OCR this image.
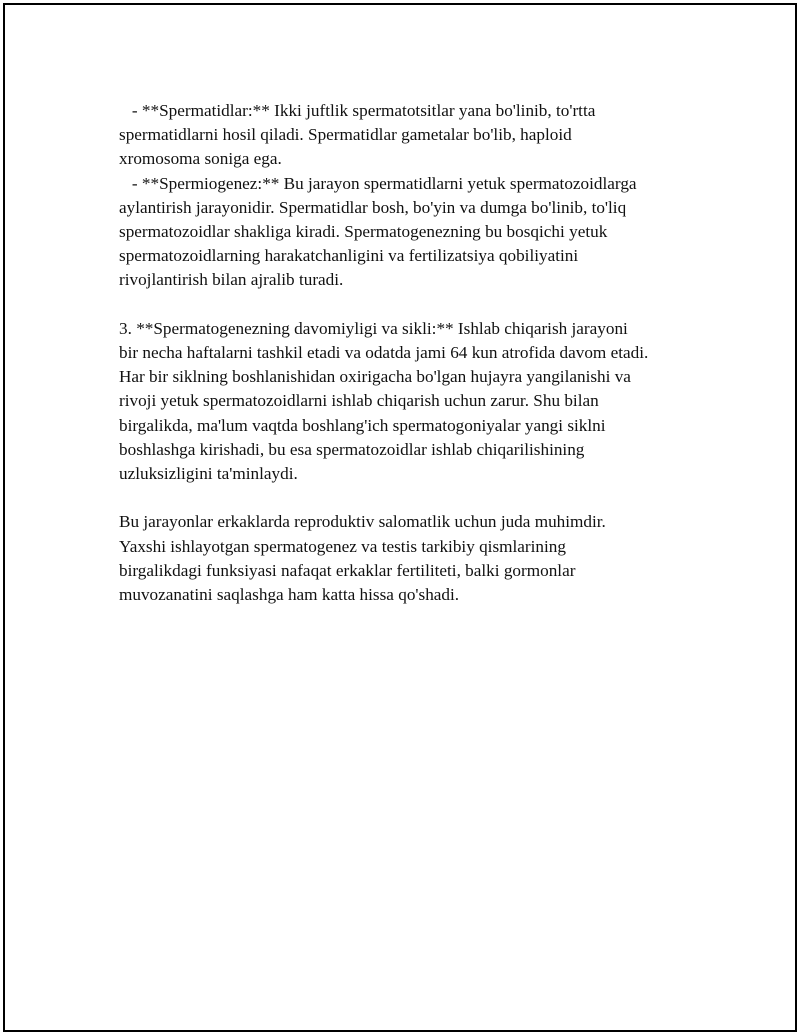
- **Spermatidlar:** Ikki juftlik spermatotsitlar yana bo'linib, to'rtta
spermatidlarni hosil qiladi. Spermatidlar gametalar bo'lib, haploid
xromosoma soniga ega.
- **Spermiogenez:** Bu jarayon spermatidlarni yetuk spermatozoidlarga
aylantirish jarayonidir. Spermatidlar bosh, bo'yin va dumga bo'linib, to'liq
spermatozoidlar shakliga kiradi. Spermatogenezning bu bosqichi yetuk
spermatozoidlarning harakatchanligini va fertilizatsiya qobiliyatini
rivojlantirish bilan ajralib turadi.
3. **Spermatogenezning davomiyligi va sikli:** Ishlab chiqarish jarayoni
bir necha haftalarni tashkil etadi va odatda jami 64 kun atrofida davom etadi.
Har bir siklning boshlanishidan oxirigacha bo'lgan hujayra yangilanishi va
rivoji yetuk spermatozoidlarni ishlab chiqarish uchun zarur. Shu bilan
birgalikda, ma'lum vaqtda boshlang'ich spermatogoniyalar yangi siklni
boshlashga kirishadi, bu esa spermatozoidlar ishlab chiqarilishining
uzluksizligini ta'minlaydi.
Bu jarayonlar erkaklarda reproduktiv salomatlik uchun juda muhimdir.
Yaxshi ishlayotgan spermatogenez va testis tarkibiy qismlarining
birgalikdagi funksiyasi nafaqat erkaklar fertiliteti, balki gormonlar
muvozanatini saqlashga ham katta hissa qo'shadi.
